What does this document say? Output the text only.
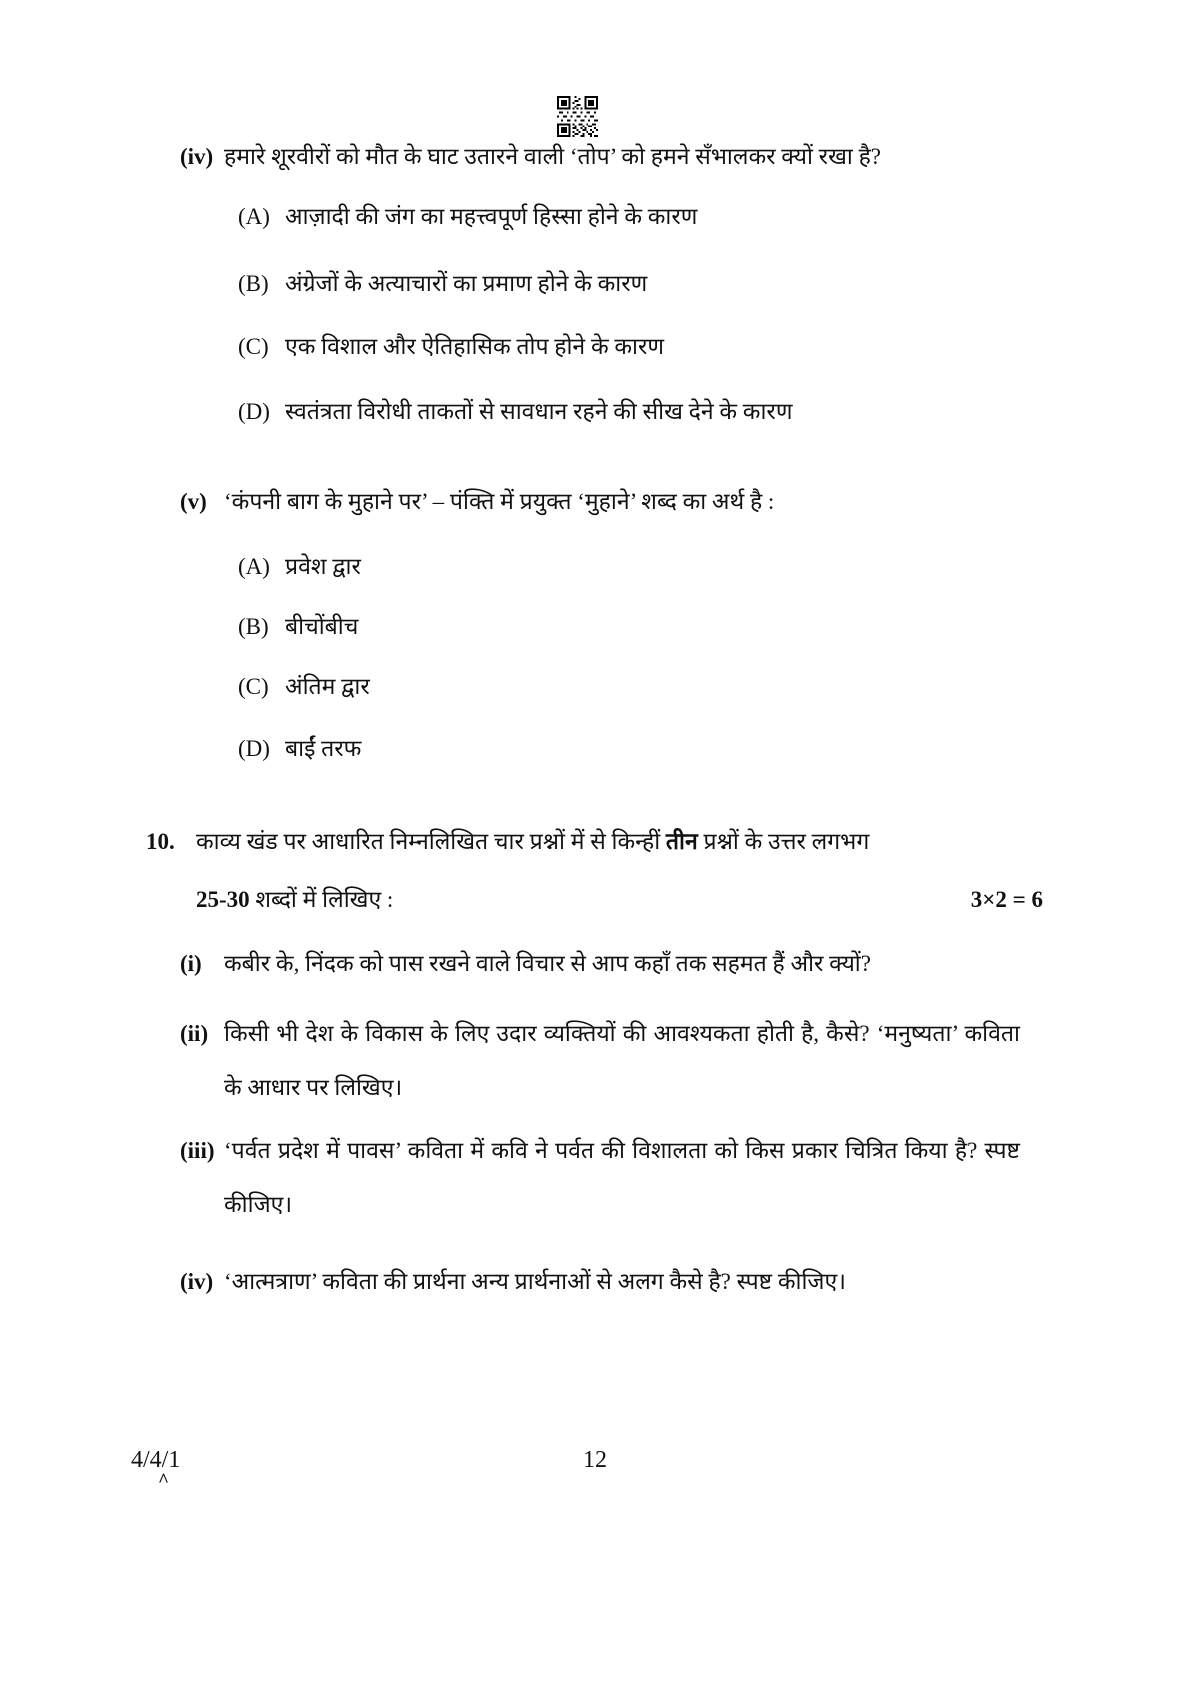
(iv) हमारे शूरवीरों को मौत के घाट उतारने वाली ‘तोप’ को हमने सँभालकर क्यों रखा है?
(A) आज़ादी की जंग का महत्त्वपूर्ण हिस्सा होने के कारण
(B) अंग्रेजों के अत्याचारों का प्रमाण होने के कारण
(C) एक विशाल और ऐतिहासिक तोप होने के कारण
(D) स्वतंत्रता विरोधी ताकतों से सावधान रहने की सीख देने के कारण
(v) ‘कंपनी बाग के मुहाने पर’ – पंक्ति में प्रयुक्त ‘मुहाने’ शब्द का अर्थ है :
(A) प्रवेश द्वार
(B) बीचोंबीच
(C) अंतिम द्वार
(D) बाईं तरफ
10. काव्य खंड पर आधारित निम्नलिखित चार प्रश्नों में से किन्हीं तीन प्रश्नों के उत्तर लगभग
25-30 शब्दों में लिखिए :	3×2 = 6
(i) कबीर के, निंदक को पास रखने वाले विचार से आप कहाँ तक सहमत हैं और क्यों?
(ii) किसी भी देश के विकास के लिए उदार व्यक्तियों की आवश्यकता होती है, कैसे? ‘मनुष्यता’ कविता के आधार पर लिखिए।
(iii) ‘पर्वत प्रदेश में पावस’ कविता में कवि ने पर्वत की विशालता को किस प्रकार चित्रित किया है? स्पष्ट कीजिए।
(iv) ‘आत्मत्राण’ कविता की प्रार्थना अन्य प्रार्थनाओं से अलग कैसे है? स्पष्ट कीजिए।
4/4/1
^
12
